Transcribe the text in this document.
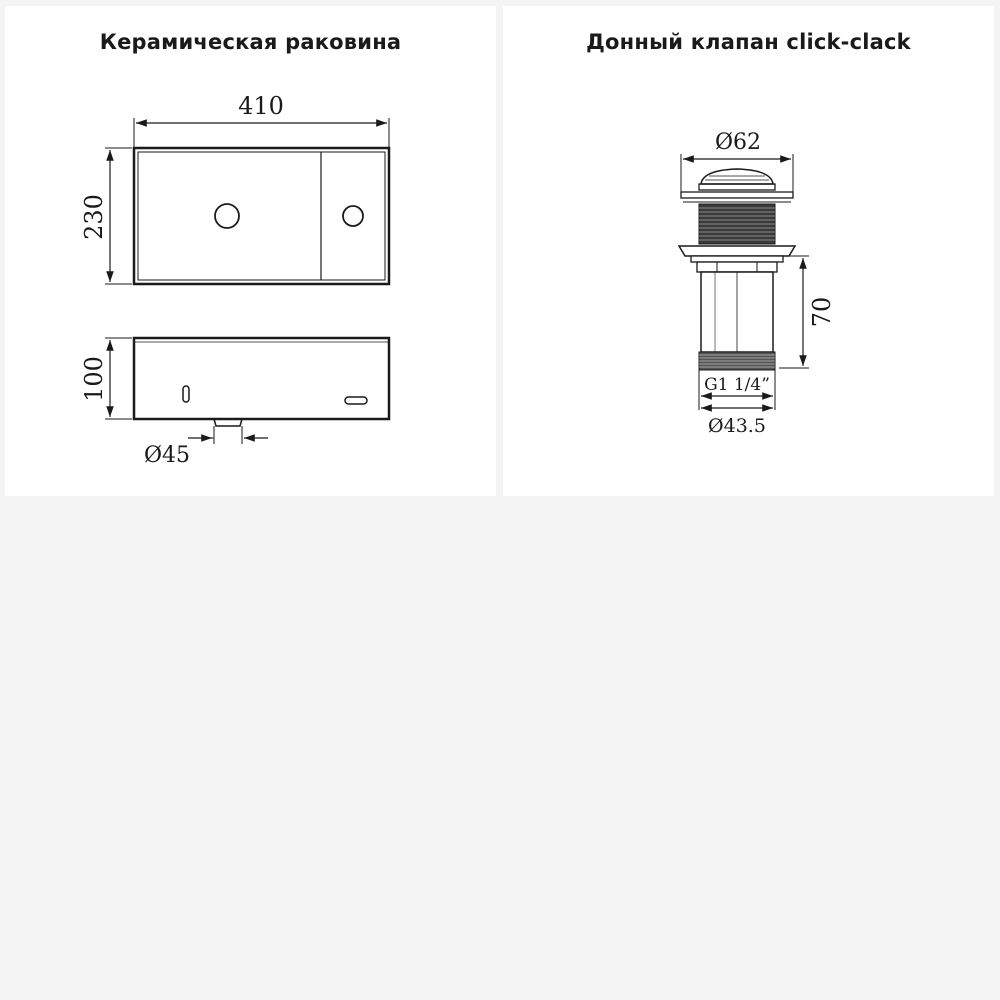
Керамическая раковина
410
230
100
Ø45
Донный клапан click-clack
Ø62
70
G1 1/4”
Ø43.5
